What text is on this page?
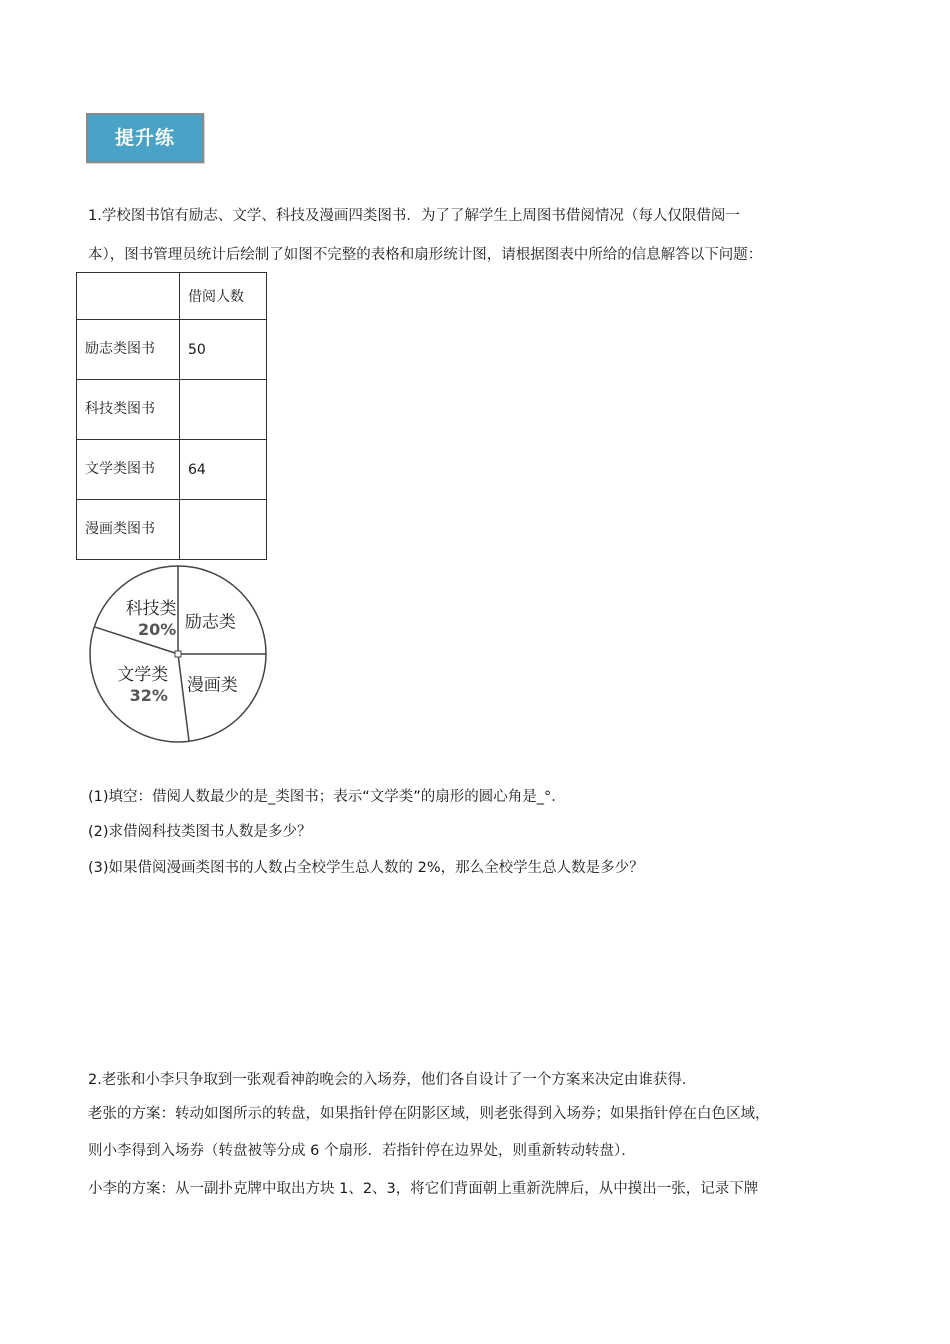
提升练
1.学校图书馆有励志、文学、科技及漫画四类图书．为了了解学生上周图书借阅情况（每人仅限借阅一
本），图书管理员统计后绘制了如图不完整的表格和扇形统计图，请根据图表中所给的信息解答以下问题：
	借阅人数
励志类图书	50
科技类图书	
文学类图书	64
漫画类图书	
励志类
漫画类
文学类
32%
科技类
20%
(1)填空：借阅人数最少的是_类图书；表示“文学类”的扇形的圆心角是_°．
(2)求借阅科技类图书人数是多少？
(3)如果借阅漫画类图书的人数占全校学生总人数的 2%，那么全校学生总人数是多少？
2.老张和小李只争取到一张观看神韵晚会的入场券，他们各自设计了一个方案来决定由谁获得．
老张的方案：转动如图所示的转盘，如果指针停在阴影区域，则老张得到入场券；如果指针停在白色区域，
则小李得到入场券（转盘被等分成 6 个扇形．若指针停在边界处，则重新转动转盘）．
小李的方案：从一副扑克牌中取出方块 1、2、3，将它们背面朝上重新洗牌后，从中摸出一张，记录下牌
